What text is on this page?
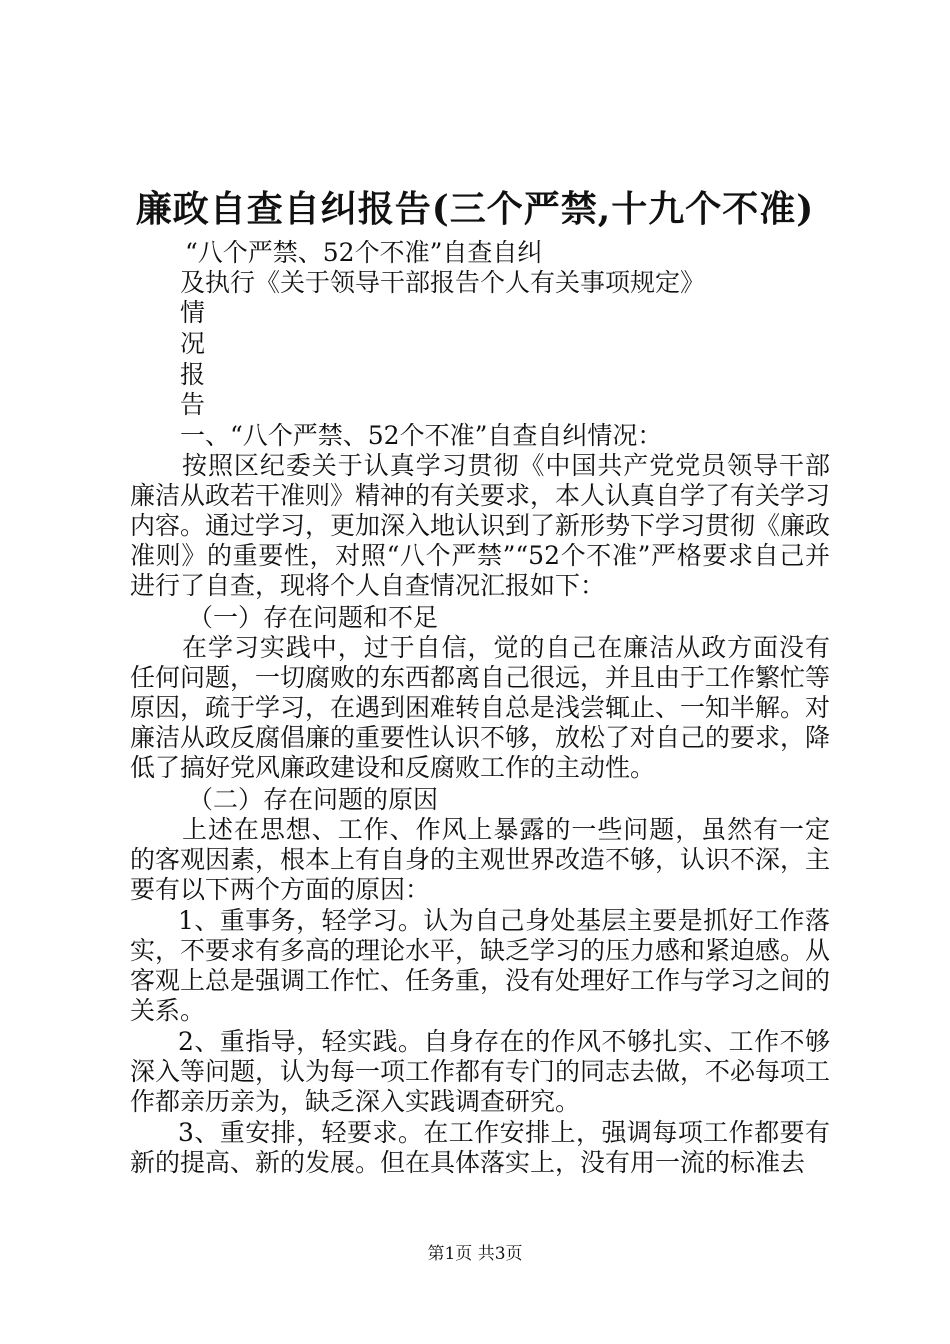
廉政自查自纠报告(三个严禁,十九个不准)
“八个严禁、52个不准”自查自纠
及执行《关于领导干部报告个人有关事项规定》
情
况
报
告
一、“八个严禁、52个不准”自查自纠情况：
按照区纪委关于认真学习贯彻《中国共产党党员领导干部廉洁从政若干准则》精神的有关要求，本人认真自学了有关学习内容。通过学习，更加深入地认识到了新形势下学习贯彻《廉政准则》的重要性，对照“八个严禁”“52个不准”严格要求自己并进行了自查，现将个人自查情况汇报如下：
（一）存在问题和不足
在学习实践中，过于自信，觉的自己在廉洁从政方面没有任何问题，一切腐败的东西都离自己很远，并且由于工作繁忙等原因，疏于学习，在遇到困难转自总是浅尝辄止、一知半解。对廉洁从政反腐倡廉的重要性认识不够，放松了对自己的要求，降低了搞好党风廉政建设和反腐败工作的主动性。
（二）存在问题的原因
上述在思想、工作、作风上暴露的一些问题，虽然有一定的客观因素，根本上有自身的主观世界改造不够，认识不深，主要有以下两个方面的原因：
1、重事务，轻学习。认为自己身处基层主要是抓好工作落实，不要求有多高的理论水平，缺乏学习的压力感和紧迫感。从客观上总是强调工作忙、任务重，没有处理好工作与学习之间的关系。
2、重指导，轻实践。自身存在的作风不够扎实、工作不够深入等问题，认为每一项工作都有专门的同志去做，不必每项工作都亲历亲为，缺乏深入实践调查研究。
3、重安排，轻要求。在工作安排上，强调每项工作都要有新的提高、新的发展。但在具体落实上，没有用一流的标准去
第1页 共3页
